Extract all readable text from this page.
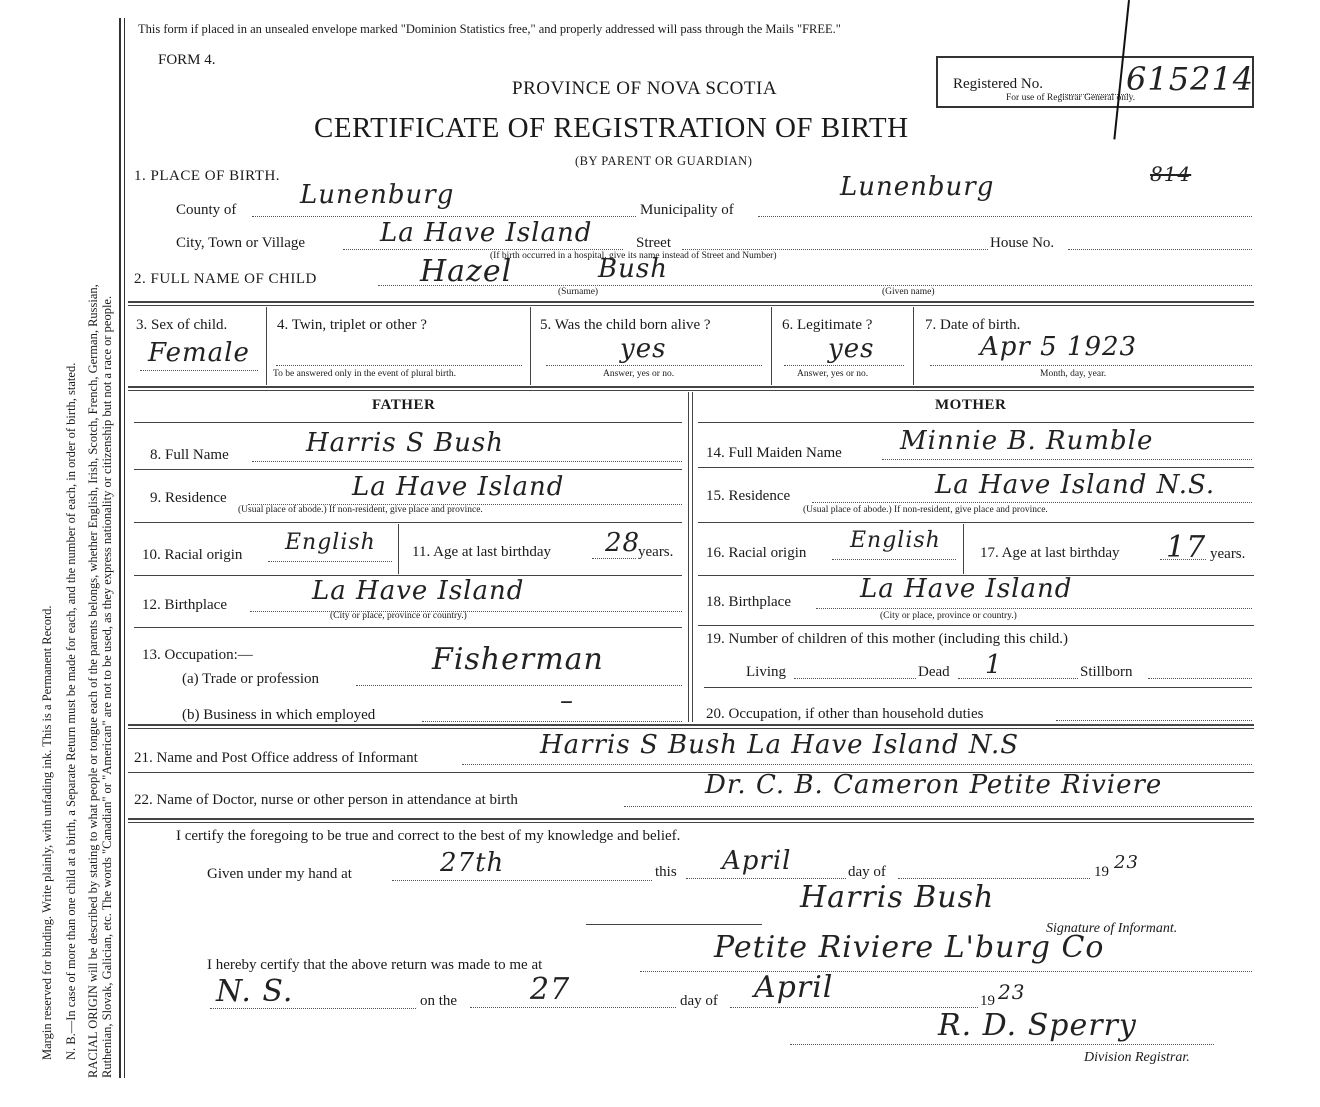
Margin reserved for binding. Write plainly, with unfading ink. This is a Permanent Record. N. B.—In case of more than one child at a birth, a Separate Return must be made for each, and the number of each, in order of birth, stated. RACIAL ORIGIN will be described by stating to what people or tongue each of the parents belongs, whether English, Irish, Scotch, French, German, Russian, Ruthenian, Slovak, Galician, etc. The words "Canadian" or "American" are not to be used, as they express nationality or citizenship but not a race or people.
This form if placed in an unsealed envelope marked "Dominion Statistics free," and properly addressed will pass through the Mails "FREE."
FORM 4.
PROVINCE OF NOVA SCOTIA
CERTIFICATE OF REGISTRATION OF BIRTH
(BY PARENT OR GUARDIAN)
Registered No.	615214
For use of Registrar General only.
814
1. PLACE OF BIRTH.
County of Lunenburg	Municipality of
Lunenburg
City, Town or Village	La Have Island	Street	House No.
(If birth occurred in a hospital, give its name instead of Street and Number)
2. FULL NAME OF CHILD	Hazel	Bush
(Surname)	(Given name)
3. Sex of child.
Female
4. Twin, triplet or other ?
To be answered only in the event of plural birth.
5. Was the child born alive ?
yes
Answer, yes or no.
6. Legitimate ?
yes
Answer, yes or no.
7. Date of birth.
Apr 5 1923
Month, day, year.
FATHER
8. Full Name	Harris S Bush
9. Residence	La Have Island
(Usual place of abode.) If non-resident, give place and province.
10. Racial origin English 11. Age at last birthday 28
years.
12. Birthplace	La Have Island
(City or place, province or country.)
13. Occupation:—
(a) Trade or profession
Fisherman
(b) Business in which employed	–
MOTHER
14. Full Maiden Name Minnie B. Rumble
15. Residence	La Have Island N.S.
(Usual place of abode.) If non-resident, give place and province.
16. Racial origin English	17. Age at last birthday 17 years.
18. Birthplace	La Have Island
(City or place, province or country.)
19. Number of children of this mother (including this child.)
Living	Dead 1	Stillborn
20. Occupation, if other than household duties
21. Name and Post Office address of Informant	Harris S Bush La Have Island N.S
22. Name of Doctor, nurse or other person in attendance at birth	Dr. C. B. Cameron Petite Riviere
I certify the foregoing to be true and correct to the best of my knowledge and belief.
Given under my hand at	27th	this April	day of	19 23
Harris Bush
Signature of Informant.
I hereby certify that the above return was made to me at	Petite Riviere L'burg Co
N. S.	on the 27	day of April	19 23
R. D. Sperry
Division Registrar.
